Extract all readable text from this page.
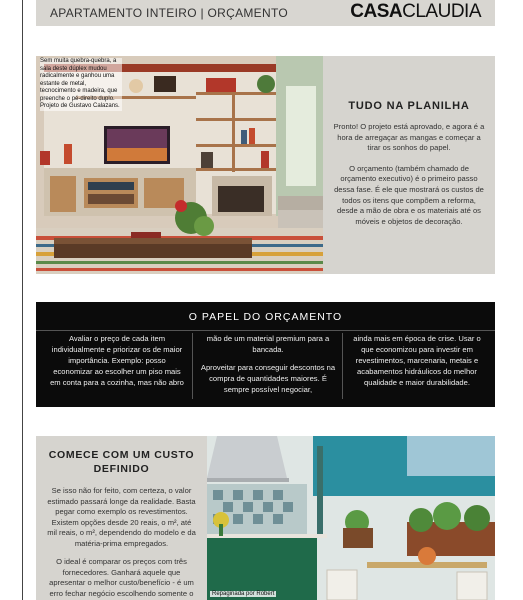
APARTAMENTO INTEIRO | ORÇAMENTO	CASACLAUDIA
Sem muita quebra-quebra, a sala deste dúplex mudou radicalmente e ganhou uma estante de metal, tecnocimento e madeira, que preenche o pé-direito duplo. Projeto de Gustavo Calazans.	TUDO NA PLANILHA

Pronto! O projeto está aprovado, e agora é a hora de arregaçar as mangas e começar a tirar os sonhos do papel.

O orçamento (também chamado de orçamento executivo) é o primeiro passo dessa fase. É ele que mostrará os custos de todos os itens que compõem a reforma, desde a mão de obra e os materiais até os móveis e objetos de decoração.

O PAPEL DO ORÇAMENTO

Avaliar o preço de cada item individualmente e priorizar os de maior importância. Exemplo: posso economizar ao escolher um piso mais em conta para a cozinha, mas não abro

mão de um material premium para a bancada.

Aproveitar para conseguir descontos na compra de quantidades maiores. É sempre possível negociar,

ainda mais em época de crise. Usar o que economizou para investir em revestimentos, marcenaria, metais e acabamentos hidráulicos do melhor qualidade e maior durabilidade.

COMECE COM UM CUSTO DEFINIDO

Se isso não for feito, com certeza, o valor estimado passará longe da realidade. Basta pegar como exemplo os revestimentos. Existem opções desde 20 reais, o m², até mil reais, o m², dependendo do modelo e da matéria-prima empregados.

O ideal é comparar os preços com três fornecedores. Ganhará aquele que apresentar o melhor custo/benefício - é um erro fechar negócio escolhendo somente o	Repaginada por Robert
